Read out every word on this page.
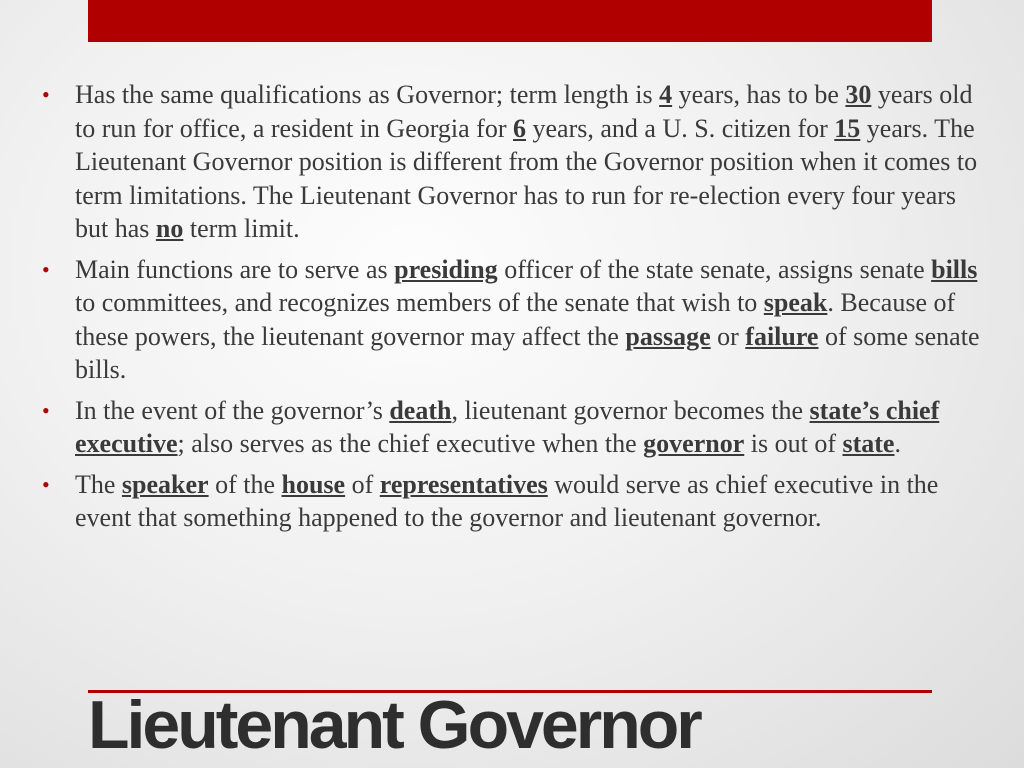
• Has the same qualifications as Governor; term length is 4 years, has to be 30 years old to run for office, a resident in Georgia for 6 years, and a U. S. citizen for 15 years. The Lieutenant Governor position is different from the Governor position when it comes to term limitations. The Lieutenant Governor has to run for re-election every four years but has no term limit.
• Main functions are to serve as presiding officer of the state senate, assigns senate bills to committees, and recognizes members of the senate that wish to speak. Because of these powers, the lieutenant governor may affect the passage or failure of some senate bills.
• In the event of the governor’s death, lieutenant governor becomes the state’s chief executive; also serves as the chief executive when the governor is out of state.
• The speaker of the house of representatives would serve as chief executive in the event that something happened to the governor and lieutenant governor.
Lieutenant Governor
